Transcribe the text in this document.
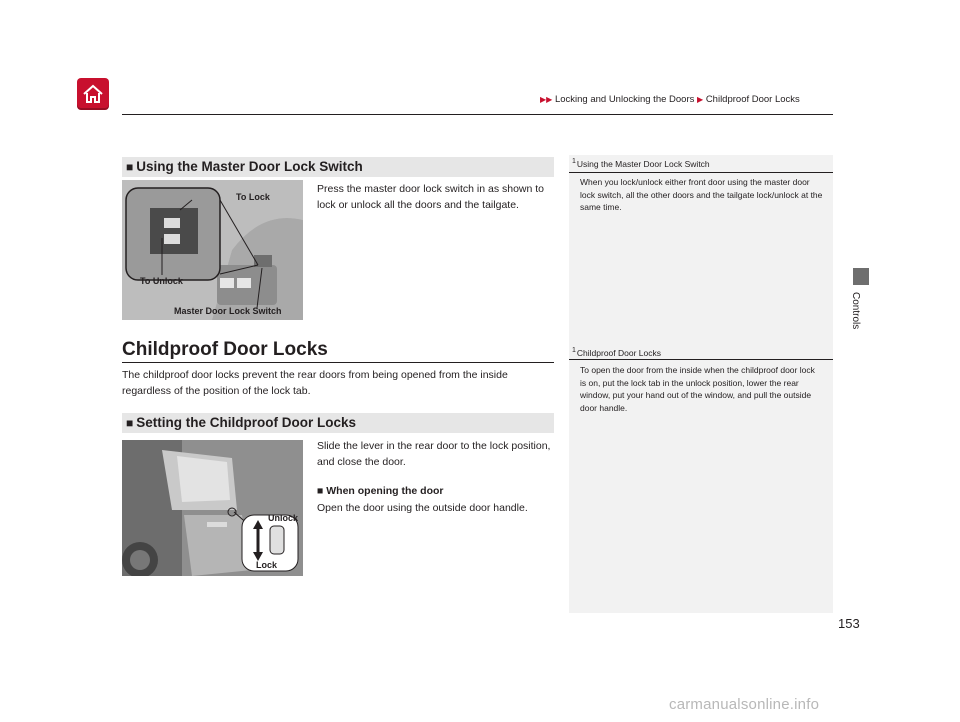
▶▶ Locking and Unlocking the Doors ▶ Childproof Door Locks
Controls
■ Using the Master Door Lock Switch
To Lock
To Unlock
Master Door Lock Switch
Press the master door lock switch in as shown to lock or unlock all the doors and the tailgate.
Childproof Door Locks
The childproof door locks prevent the rear doors from being opened from the inside regardless of the position of the lock tab.
■ Setting the Childproof Door Locks
Unlock
Lock
Slide the lever in the rear door to the lock position, and close the door.
■ When opening the door
Open the door using the outside door handle.
$^1$Using the Master Door Lock Switch
When you lock/unlock either front door using the master door lock switch, all the other doors and the tailgate lock/unlock at the same time.
$^1$Childproof Door Locks
To open the door from the inside when the childproof door lock is on, put the lock tab in the unlock position, lower the rear window, put your hand out of the window, and pull the outside door handle.
153
carmanualsonline.info
